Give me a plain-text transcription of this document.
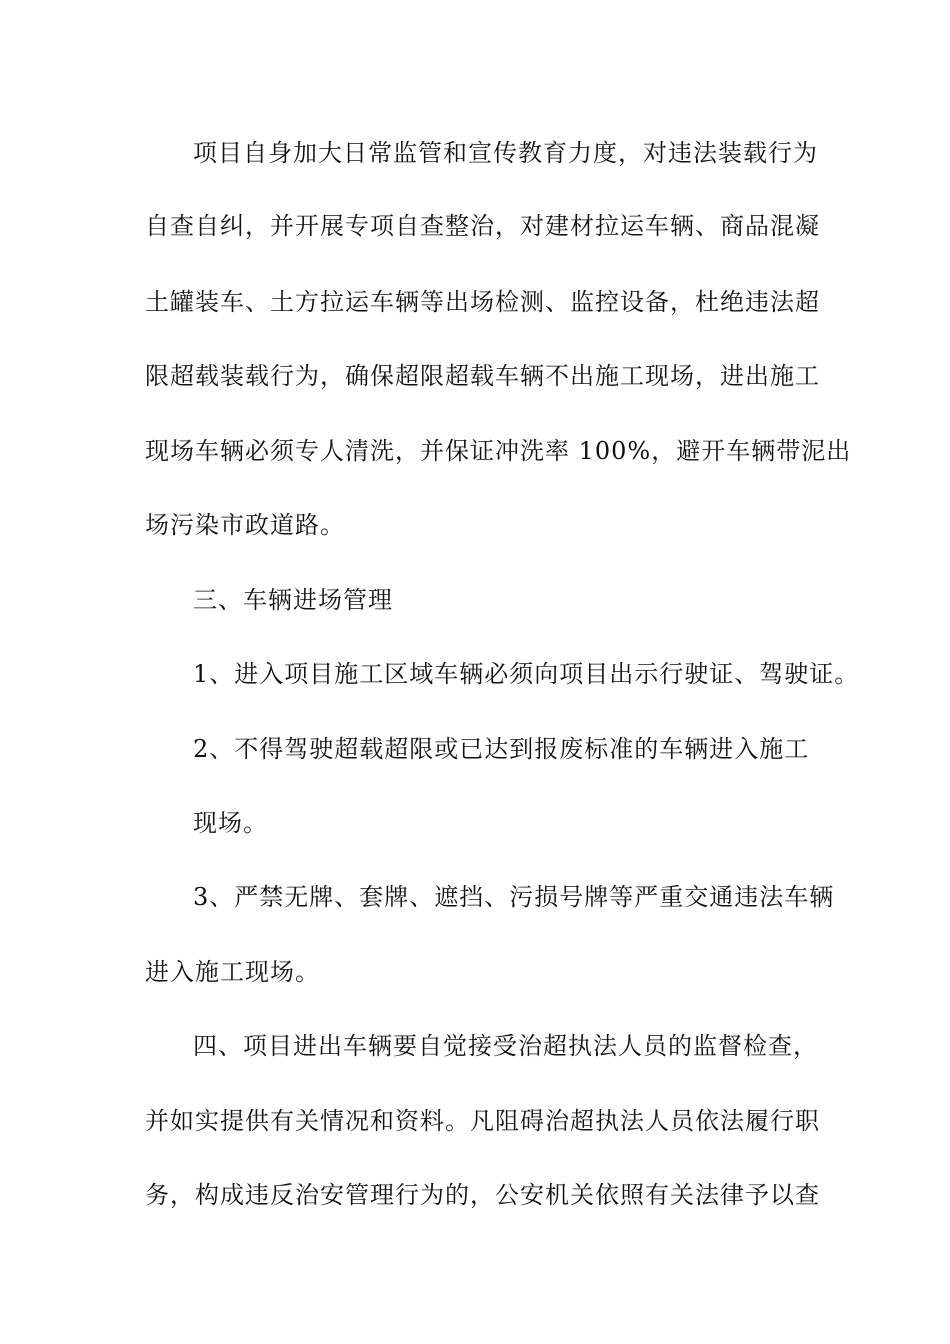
项目自身加大日常监管和宣传教育力度，对违法装载行为
自查自纠，并开展专项自查整治，对建材拉运车辆、商品混凝
土罐装车、土方拉运车辆等出场检测、监控设备，杜绝违法超
限超载装载行为，确保超限超载车辆不出施工现场，进出施工
现场车辆必须专人清洗，并保证冲洗率 100%，避开车辆带泥出
场污染市政道路。
三、车辆进场管理
1、进入项目施工区域车辆必须向项目出示行驶证、驾驶证。
2、不得驾驶超载超限或已达到报废标准的车辆进入施工
现场。
3、严禁无牌、套牌、遮挡、污损号牌等严重交通违法车辆
进入施工现场。
四、项目进出车辆要自觉接受治超执法人员的监督检查，
并如实提供有关情况和资料。凡阻碍治超执法人员依法履行职
务，构成违反治安管理行为的，公安机关依照有关法律予以查
